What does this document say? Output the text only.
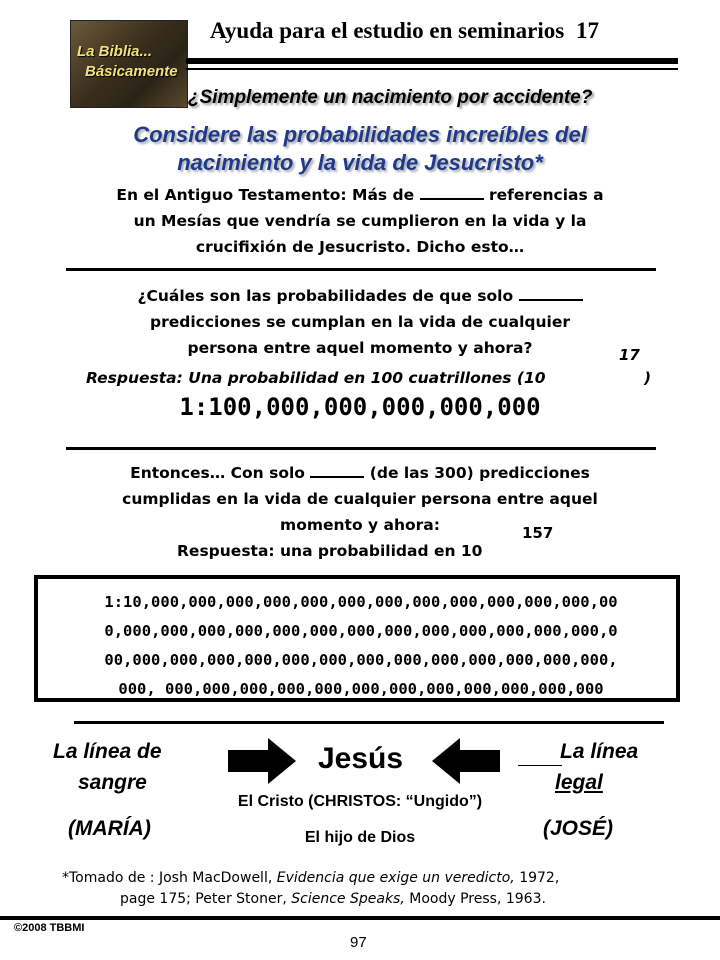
La Biblia...
Básicamente
Ayuda para el estudio en seminarios 17
¿Simplemente un nacimiento por accidente?
Considere las probabilidades increíbles del
nacimiento y la vida de Jesucristo*
En el Antiguo Testamento: Más de	referencias a
un Mesías que vendría se cumplieron en la vida y la
crucifixión de Jesucristo. Dicho esto…
¿Cuáles son las probabilidades de que solo
predicciones se cumplan en la vida de cualquier
persona entre aquel momento y ahora?
Respuesta: Una probabilidad en 100 cuatrillones (10
17
)
1:100,000,000,000,000,000
Entonces… Con solo	(de las 300) predicciones
cumplidas en la vida de cualquier persona entre aquel
momento y ahora:
Respuesta: una probabilidad en 10
157
1:10,000,000,000,000,000,000,000,000,000,000,000,000,00
0,000,000,000,000,000,000,000,000,000,000,000,000,000,0
00,000,000,000,000,000,000,000,000,000,000,000,000,000,
000, 000,000,000,000,000,000,000,000,000,000,000,000
La línea de
sangre
(MARÍA)
Jesús	La línea
legal
(JOSÉ)
El Cristo (CHRISTOS: “Ungido”)
El hijo de Dios
*Tomado de : Josh MacDowell, Evidencia que exige un veredicto, 1972,
page 175; Peter Stoner, Science Speaks, Moody Press, 1963.
©2008 TBBMI
97
